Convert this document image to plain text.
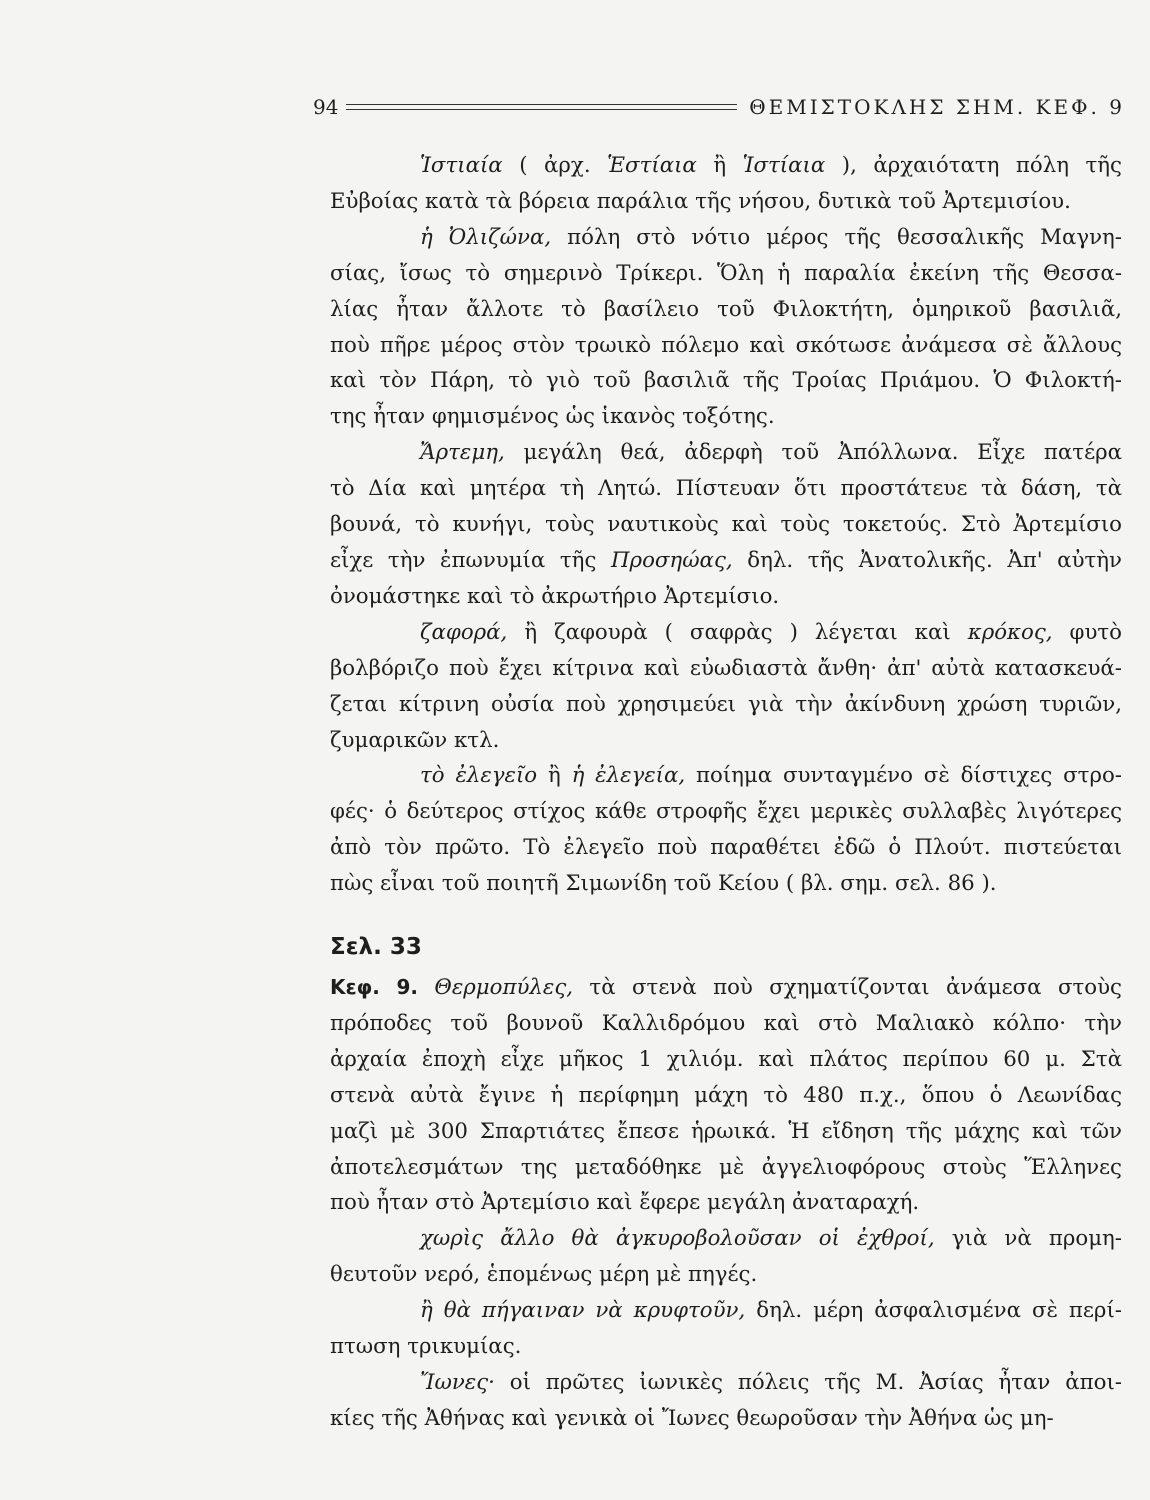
94	ΘΕΜΙΣΤΟΚΛΗΣ ΣΗΜ. ΚΕΦ. 9
Ἱστιαία ( ἀρχ. Ἑστίαια ἢ Ἱστίαια ), ἀρχαιότατη πόλη τῆς
Εὐβοίας κατὰ τὰ βόρεια παράλια τῆς νήσου, δυτικὰ τοῦ Ἀρτεμισίου.
ἡ Ὀλιζώνα, πόλη στὸ νότιο μέρος τῆς θεσσαλικῆς Μαγνη-
σίας, ἴσως τὸ σημερινὸ Τρίκερι. Ὅλη ἡ παραλία ἐκείνη τῆς Θεσσα-
λίας ἦταν ἄλλοτε τὸ βασίλειο τοῦ Φιλοκτήτη, ὁμηρικοῦ βασιλιᾶ,
ποὺ πῆρε μέρος στὸν τρωικὸ πόλεμο καὶ σκότωσε ἀνάμεσα σὲ ἄλλους
καὶ τὸν Πάρη, τὸ γιὸ τοῦ βασιλιᾶ τῆς Τροίας Πριάμου. Ὁ Φιλοκτή-
της ἦταν φημισμένος ὡς ἱκανὸς τοξότης.
Ἄρτεμη, μεγάλη θεά, ἀδερφὴ τοῦ Ἀπόλλωνα. Εἶχε πατέρα
τὸ Δία καὶ μητέρα τὴ Λητώ. Πίστευαν ὅτι προστάτευε τὰ δάση, τὰ
βουνά, τὸ κυνήγι, τοὺς ναυτικοὺς καὶ τοὺς τοκετούς. Στὸ Ἀρτεμίσιο
εἶχε τὴν ἐπωνυμία τῆς Προσηώας, δηλ. τῆς Ἀνατολικῆς. Ἀπ' αὐτὴν
ὀνομάστηκε καὶ τὸ ἀκρωτήριο Ἀρτεμίσιο.
ζαφορά, ἢ ζαφουρὰ ( σαφρὰς ) λέγεται καὶ κρόκος, φυτὸ
βολβόριζο ποὺ ἔχει κίτρινα καὶ εὐωδιαστὰ ἄνθη· ἀπ' αὐτὰ κατασκευά-
ζεται κίτρινη οὐσία ποὺ χρησιμεύει γιὰ τὴν ἀκίνδυνη χρώση τυριῶν,
ζυμαρικῶν κτλ.
τὸ ἐλεγεῖο ἢ ἡ ἐλεγεία, ποίημα συνταγμένο σὲ δίστιχες στρο-
φές· ὁ δεύτερος στίχος κάθε στροφῆς ἔχει μερικὲς συλλαβὲς λιγότερες
ἀπὸ τὸν πρῶτο. Τὸ ἐλεγεῖο ποὺ παραθέτει ἐδῶ ὁ Πλούτ. πιστεύεται
πὼς εἶναι τοῦ ποιητῆ Σιμωνίδη τοῦ Κείου ( βλ. σημ. σελ. 86 ).
Σελ. 33
Κεφ. 9. Θερμοπύλες, τὰ στενὰ ποὺ σχηματίζονται ἀνάμεσα στοὺς
πρόποδες τοῦ βουνοῦ Καλλιδρόμου καὶ στὸ Μαλιακὸ κόλπο· τὴν
ἀρχαία ἐποχὴ εἶχε μῆκος 1 χιλιόμ. καὶ πλάτος περίπου 60 μ. Στὰ
στενὰ αὐτὰ ἔγινε ἡ περίφημη μάχη τὸ 480 π.χ., ὅπου ὁ Λεωνίδας
μαζὶ μὲ 300 Σπαρτιάτες ἔπεσε ἡρωικά. Ἡ εἴδηση τῆς μάχης καὶ τῶν
ἀποτελεσμάτων της μεταδόθηκε μὲ ἀγγελιοφόρους στοὺς Ἕλληνες
ποὺ ἦταν στὸ Ἀρτεμίσιο καὶ ἔφερε μεγάλη ἀναταραχή.
χωρὶς ἄλλο θὰ ἀγκυροβολοῦσαν οἱ ἐχθροί, γιὰ νὰ προμη-
θευτοῦν νερό, ἑπομένως μέρη μὲ πηγές.
ἢ θὰ πήγαιναν νὰ κρυφτοῦν, δηλ. μέρη ἀσφαλισμένα σὲ περί-
πτωση τρικυμίας.
Ἴωνες· οἱ πρῶτες ἰωνικὲς πόλεις τῆς Μ. Ἀσίας ἦταν ἀποι-
κίες τῆς Ἀθήνας καὶ γενικὰ οἱ Ἴωνες θεωροῦσαν τὴν Ἀθήνα ὡς μη-
